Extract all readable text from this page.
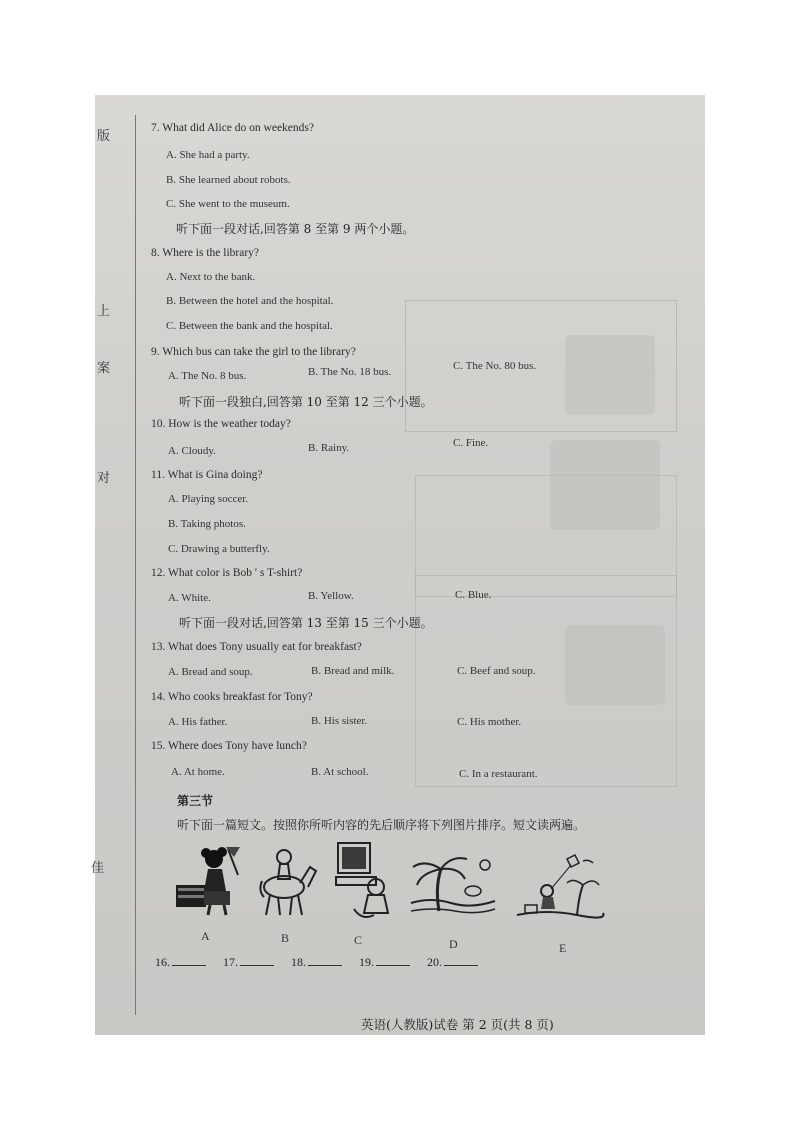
版
上
案
对
佳
7. What did Alice do on weekends?
A. She had a party.
B. She learned about robots.
C. She went to the museum.
听下面一段对话,回答第 8 至第 9 两个小题。
8. Where is the library?
A. Next to the bank.
B. Between the hotel and the hospital.
C. Between the bank and the hospital.
9. Which bus can take the girl to the library?
A. The No. 8 bus.	B. The No. 18 bus.	C. The No. 80 bus.
听下面一段独白,回答第 10 至第 12 三个小题。
10. How is the weather today?
A. Cloudy.	B. Rainy.	C. Fine.
11. What is Gina doing?
A. Playing soccer.
B. Taking photos.
C. Drawing a butterfly.
12. What color is Bob ' s T-shirt?
A. White.	B. Yellow.	C. Blue.
听下面一段对话,回答第 13 至第 15 三个小题。
13. What does Tony usually eat for breakfast?
A. Bread and soup.	B. Bread and milk.	C. Beef and soup.
14. Who cooks breakfast for Tony?
A. His father.	B. His sister.	C. His mother.
15. Where does Tony have lunch?
A. At home.	B. At school.	C. In a restaurant.
第三节
听下面一篇短文。按照你所听内容的先后顺序将下列图片排序。短文读两遍。
A	B	C	D	E
16.	17.	18.	19.	20.
英语(人教版)试卷 第 2 页(共 8 页)
